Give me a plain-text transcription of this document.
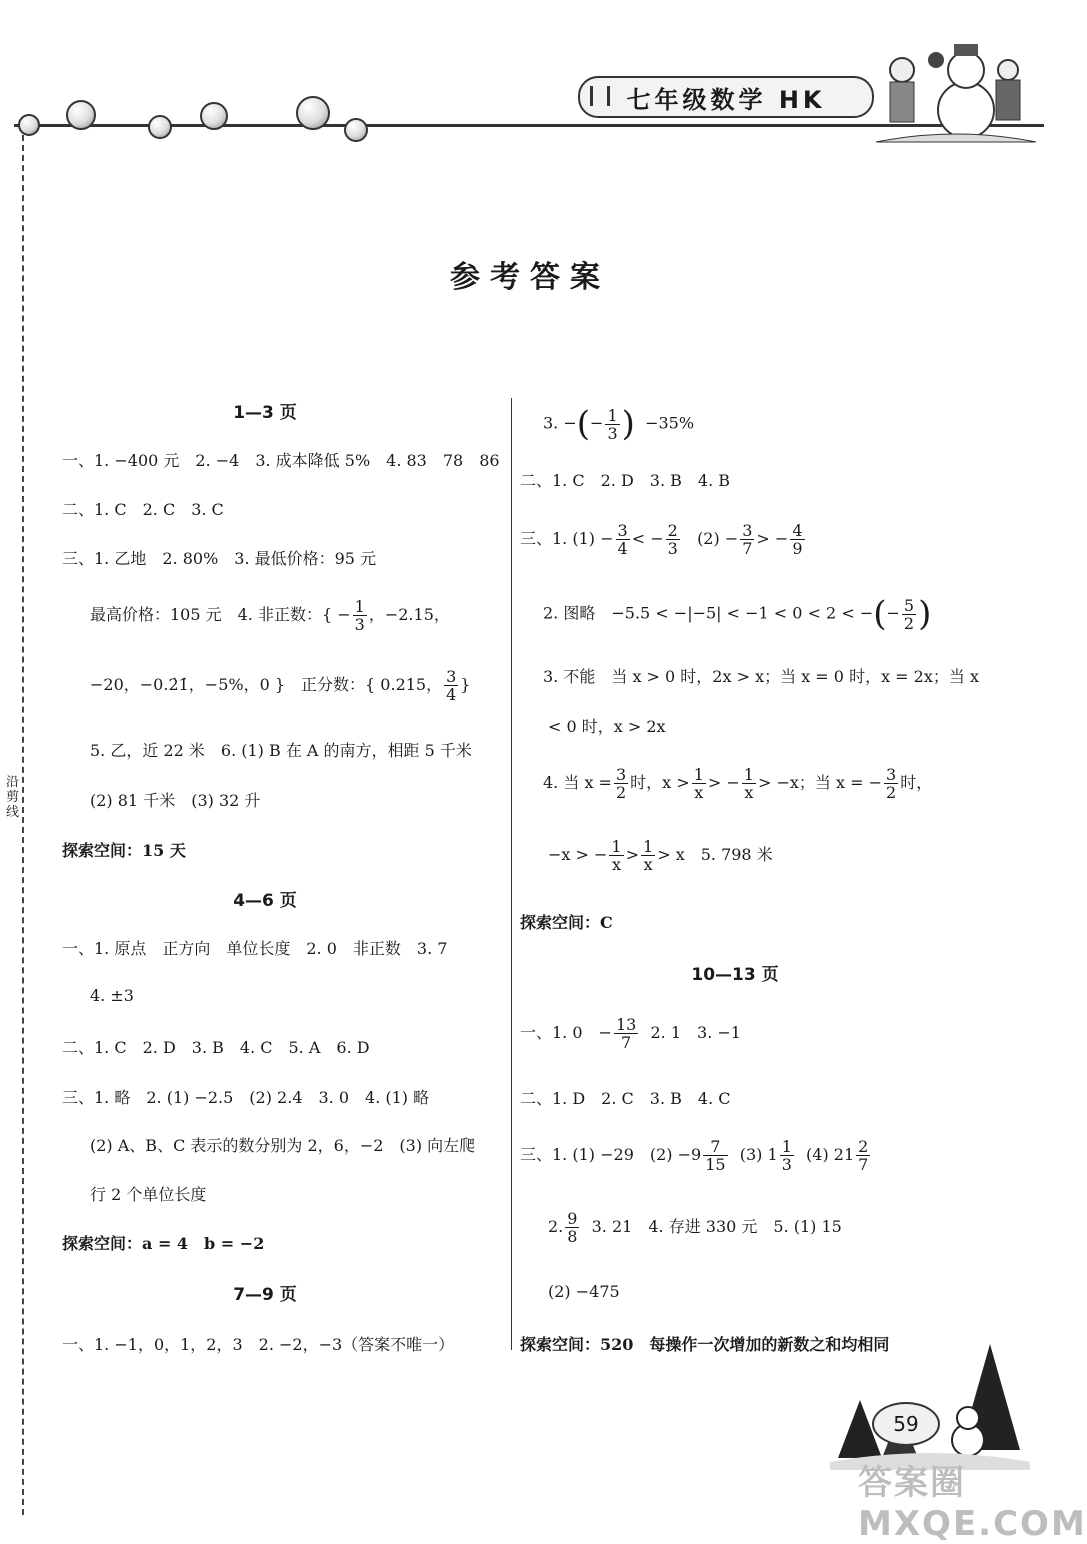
七年级数学 HK
沿剪线
参考答案
1—3 页
一、1. −400 元　2. −4　3. 成本降低 5%　4. 83　78　86
二、1. C　2. C　3. C
三、1. 乙地　2. 80%　3. 最低价格：95 元
最高价格：105 元　4. 非正数：{ − $\frac{1}{3}$ ，−2.15，
−20，−0.2̇1̇，−5%，0 }　正分数：{ 0.215， $\frac{3}{4}$ }
5. 乙，近 22 米　6. (1) B 在 A 的南方，相距 5 千米
(2) 81 千米　(3) 32 升
探索空间：15 天
4—6 页
一、1. 原点　正方向　单位长度　2. 0　非正数　3. 7
4. ±3
二、1. C　2. D　3. B　4. C　5. A　6. D
三、1. 略　2. (1) −2.5　(2) 2.4　3. 0　4. (1) 略
(2) A、B、C 表示的数分别为 2，6，−2　(3) 向左爬
行 2 个单位长度
探索空间：a = 4　b = −2
7—9 页
一、1. −1，0，1，2，3　2. −2，−3（答案不唯一）
3. −(− $\frac{1}{3}$ ) −35%
二、1. C　2. D　3. B　4. B
三、1. $(1) - \frac{3}{4}$ < − $\frac{2}{3} (2) - \frac{3}{7}$ > − $\frac{4}{9}$
2. 图略　−5.5 < −|−5| < −1 < 0 < 2 < −(− $\frac{5}{2}$ )
3. 不能　当 x > 0 时，2x > x；当 x = 0 时，x = 2x；当 x
< 0 时，x > 2x
4. 当 $x = \frac{3}{2}$ 时，$x > \frac{1}{x}$ > − $\frac{1}{x} > -x$；当 x = − $\frac{3}{2}$ 时，
−x > − $\frac{1}{x} > \frac{1}{x} > x$　5. 798 米
探索空间：C
10—13 页
一、1. 0　− $\frac{13}{7} 2$. 1　3. −1
二、1. D　2. C　3. B　4. C
三、1. (1) −29　$(2) -9 \frac{7}{15} (3)$ $1 \frac{1}{3} (4)$ $21 \frac{2}{7}$
2. $\frac{9}{8} 3$. 21　4. 存进 330 元　5. (1) 15
(2) −475
探索空间：520　每操作一次增加的新数之和均相同
59
答案圈 MXQE.COM
